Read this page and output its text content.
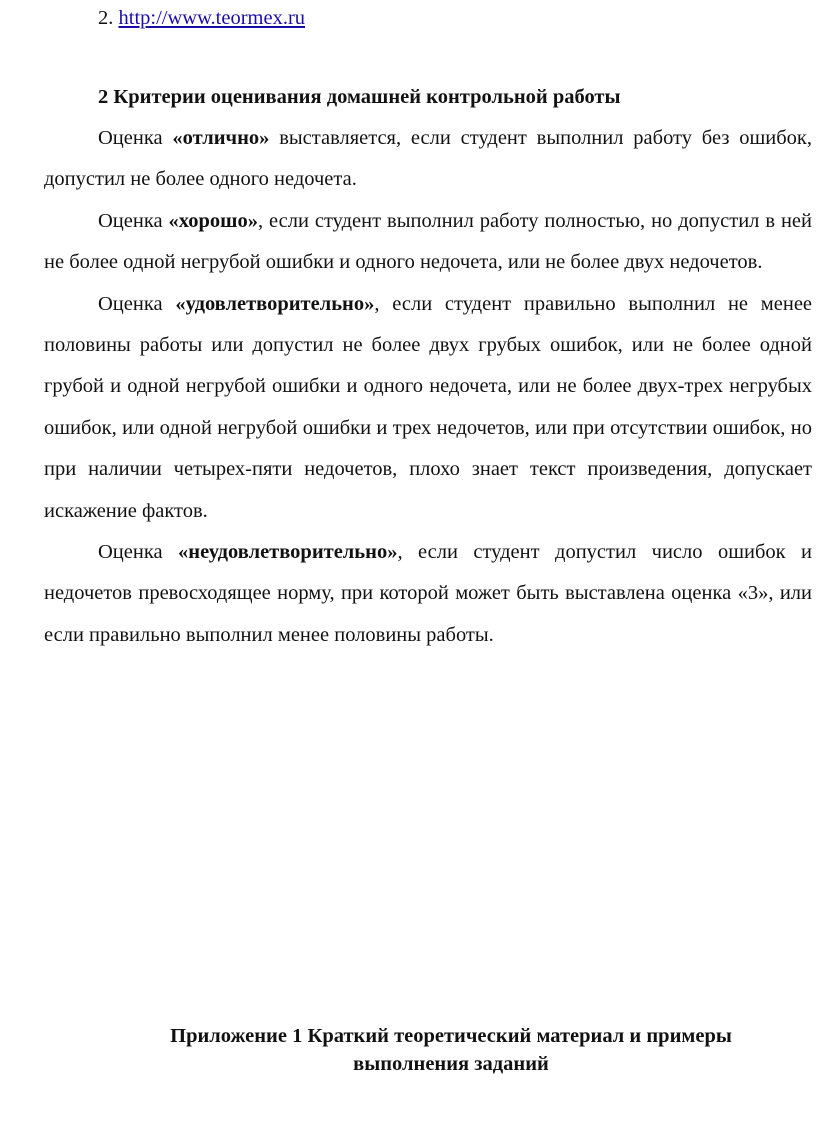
2. http://www.teormex.ru
2 Критерии оценивания домашней контрольной работы

Оценка «отлично» выставляется, если студент выполнил работу без ошибок, допустил не более одного недочета.

Оценка «хорошо», если студент выполнил работу полностью, но допустил в ней не более одной негрубой ошибки и одного недочета, или не более двух недочетов.

Оценка «удовлетворительно», если студент правильно выполнил не менее половины работы или допустил не более двух грубых ошибок, или не более одной грубой и одной негрубой ошибки и одного недочета, или не более двух-трех негрубых ошибок, или одной негрубой ошибки и трех недочетов, или при отсутствии ошибок, но при наличии четырех-пяти недочетов, плохо знает текст произведения, допускает искажение фактов.

Оценка «неудовлетворительно», если студент допустил число ошибок и недочетов превосходящее норму, при которой может быть выставлена оценка «3», или если правильно выполнил менее половины работы.

Приложение 1 Краткий теоретический материал и примеры выполнения заданий
